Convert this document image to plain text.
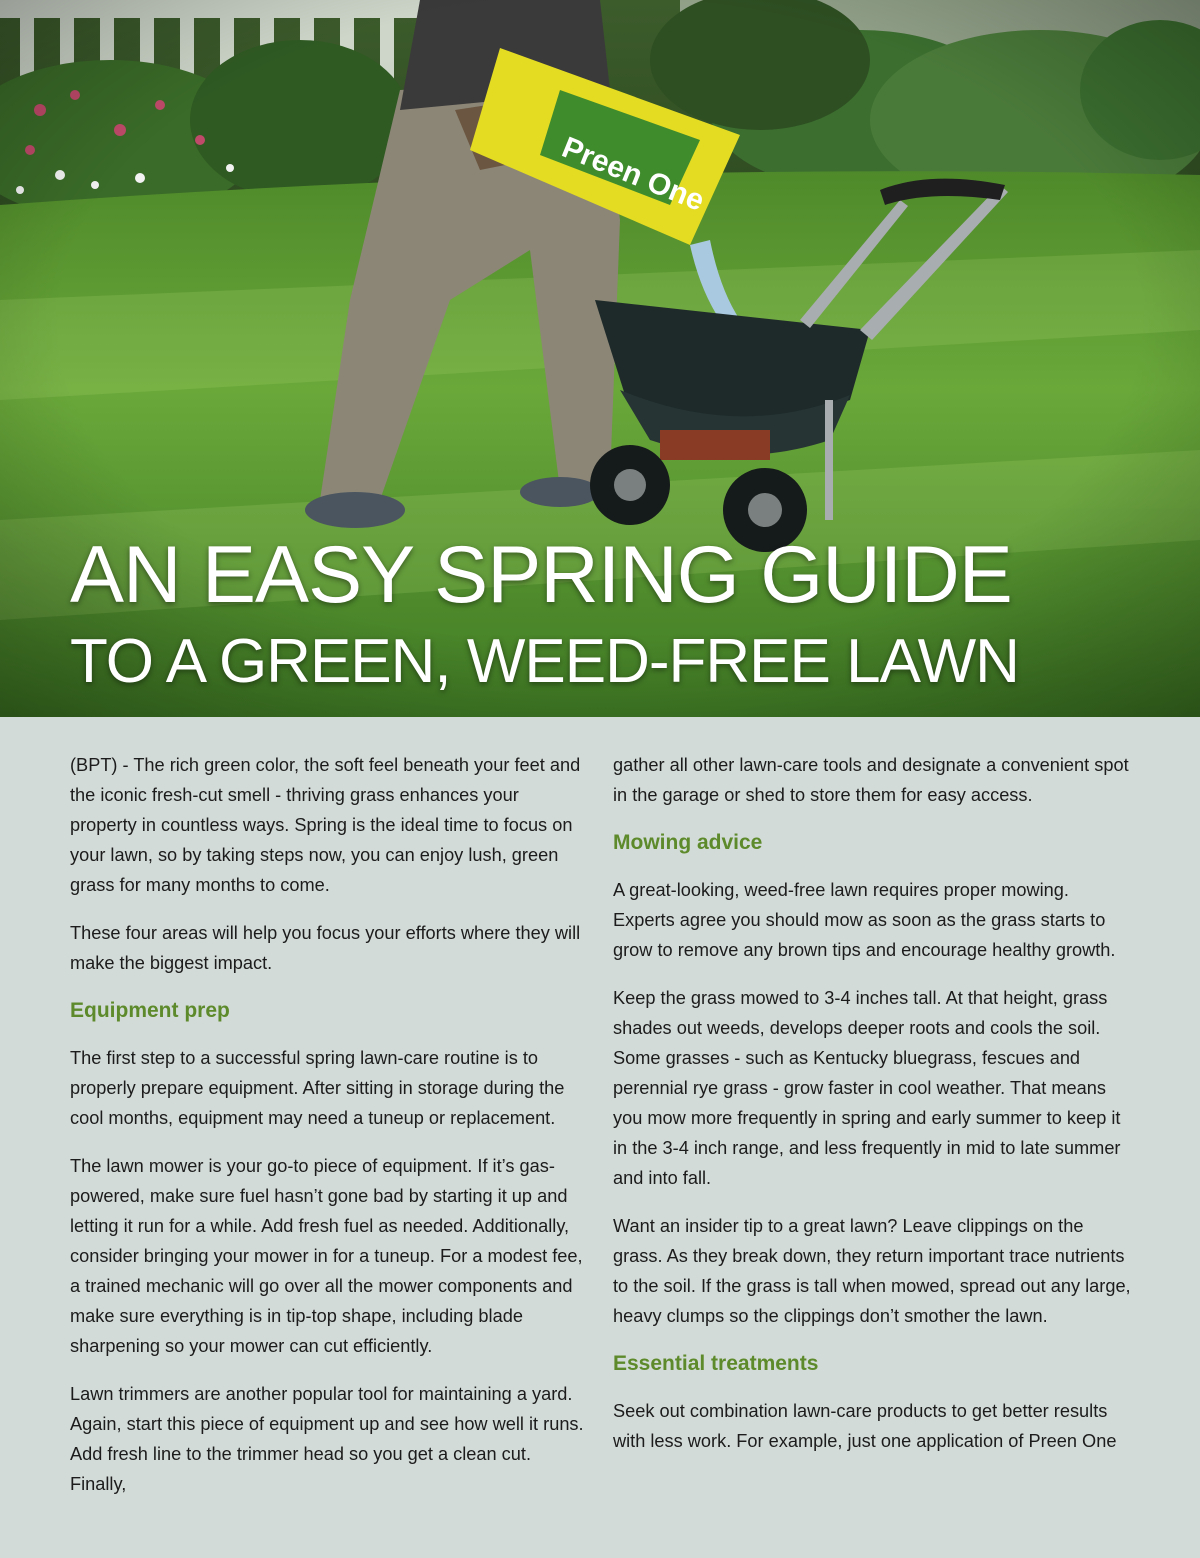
AN EASY SPRING GUIDE
TO A GREEN, WEED-FREE LAWN

(BPT) - The rich green color, the soft feel beneath your feet and the iconic fresh-cut smell - thriving grass enhances your property in countless ways. Spring is the ideal time to focus on your lawn, so by taking steps now, you can enjoy lush, green grass for many months to come.

These four areas will help you focus your efforts where they will make the biggest impact.

Equipment prep

The first step to a successful spring lawn-care routine is to properly prepare equipment. After sitting in storage during the cool months, equipment may need a tuneup or replacement.

The lawn mower is your go-to piece of equipment. If it’s gas-powered, make sure fuel hasn’t gone bad by starting it up and letting it run for a while. Add fresh fuel as needed. Additionally, consider bringing your mower in for a tuneup. For a modest fee, a trained mechanic will go over all the mower components and make sure everything is in tip-top shape, including blade sharpening so your mower can cut efficiently.

Lawn trimmers are another popular tool for maintaining a yard. Again, start this piece of equipment up and see how well it runs. Add fresh line to the trimmer head so you get a clean cut. Finally,

gather all other lawn-care tools and designate a convenient spot in the garage or shed to store them for easy access.

Mowing advice

A great-looking, weed-free lawn requires proper mowing. Experts agree you should mow as soon as the grass starts to grow to remove any brown tips and encourage healthy growth.

Keep the grass mowed to 3-4 inches tall. At that height, grass shades out weeds, develops deeper roots and cools the soil. Some grasses - such as Kentucky bluegrass, fescues and perennial rye grass - grow faster in cool weather. That means you mow more frequently in spring and early summer to keep it in the 3-4 inch range, and less frequently in mid to late summer and into fall.

Want an insider tip to a great lawn? Leave clippings on the grass. As they break down, they return important trace nutrients to the soil. If the grass is tall when mowed, spread out any large, heavy clumps so the clippings don’t smother the lawn.

Essential treatments

Seek out combination lawn-care products to get better results with less work. For example, just one application of Preen One
